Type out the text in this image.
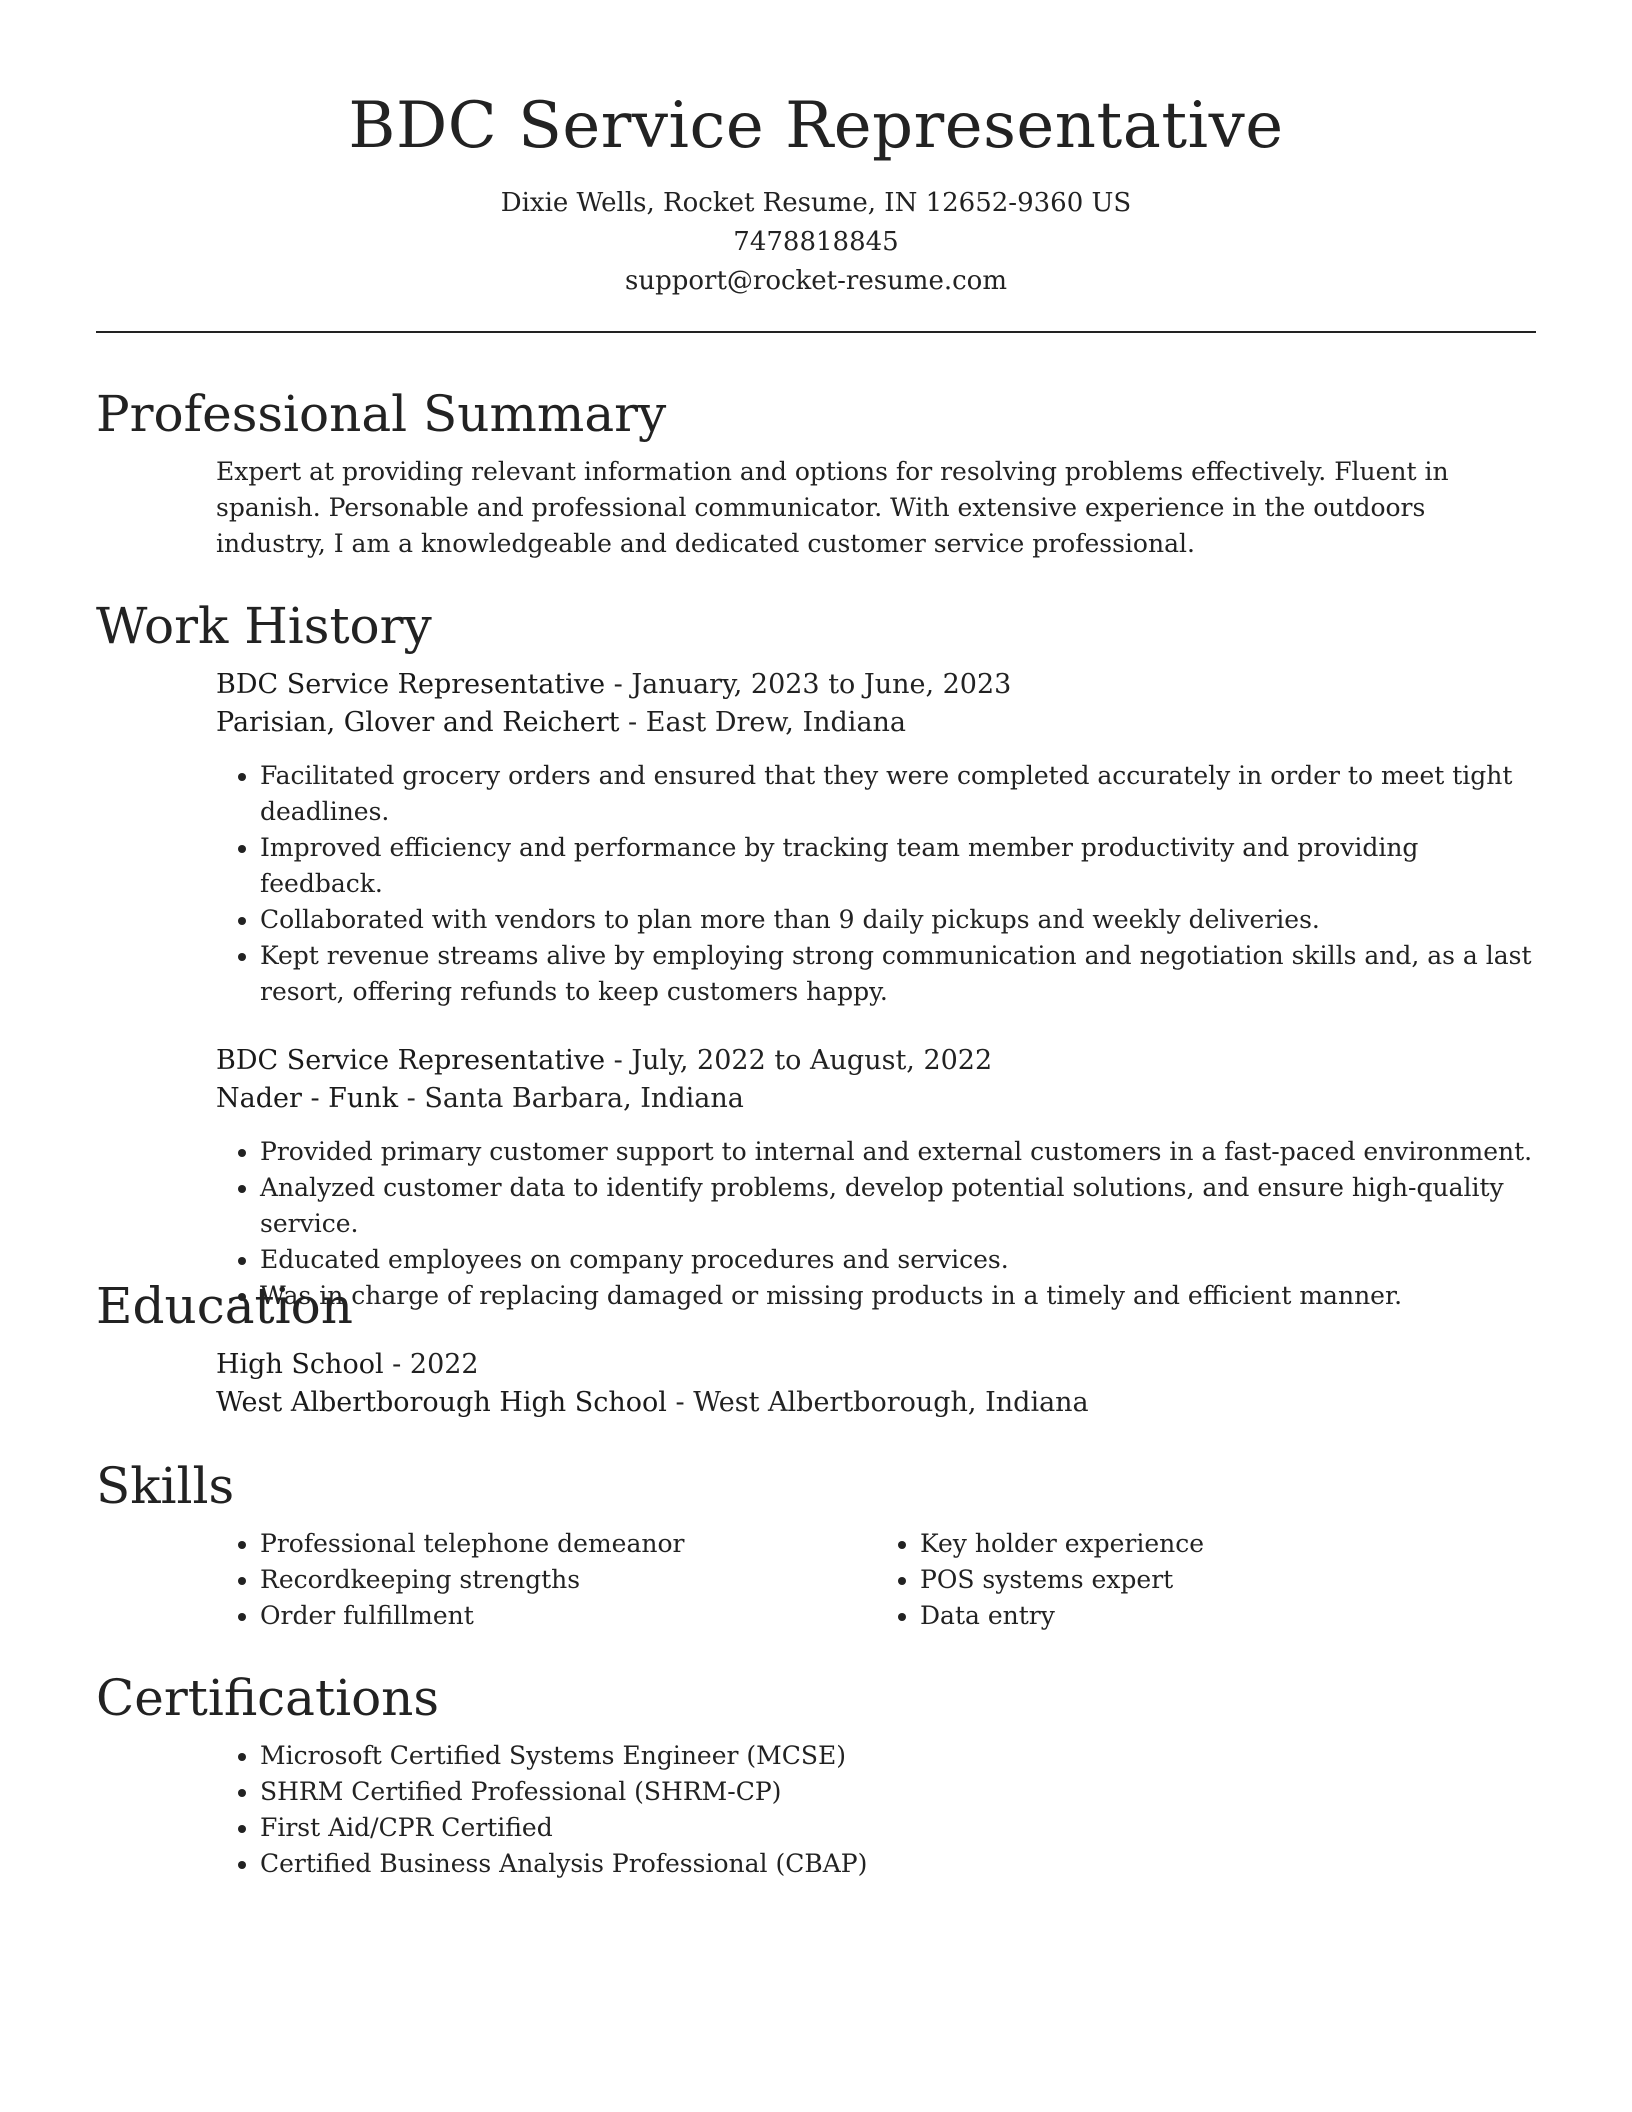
BDC Service Representative
Dixie Wells, Rocket Resume, IN 12652-9360 US
7478818845
support@rocket-resume.com
Professional Summary

Expert at providing relevant information and options for resolving problems effectively. Fluent in spanish. Personable and professional communicator. With extensive experience in the outdoors industry, I am a knowledgeable and dedicated customer service professional.

Work History
BDC Service Representative - January, 2023 to June, 2023
Parisian, Glover and Reichert - East Drew, Indiana
• Facilitated grocery orders and ensured that they were completed accurately in order to meet tight deadlines.
• Improved efficiency and performance by tracking team member productivity and providing feedback.
• Collaborated with vendors to plan more than 9 daily pickups and weekly deliveries.
• Kept revenue streams alive by employing strong communication and negotiation skills and, as a last resort, offering refunds to keep customers happy.
BDC Service Representative - July, 2022 to August, 2022
Nader - Funk - Santa Barbara, Indiana
• Provided primary customer support to internal and external customers in a fast-paced environment.
• Analyzed customer data to identify problems, develop potential solutions, and ensure high-quality service.
• Educated employees on company procedures and services.
• Was in charge of replacing damaged or missing products in a timely and efficient manner.
Education
High School - 2022
West Albertborough High School - West Albertborough, Indiana
Skills
• Professional telephone demeanor
• Recordkeeping strengths
• Order fulfillment
• Key holder experience
• POS systems expert
• Data entry
Certifications
• Microsoft Certified Systems Engineer (MCSE)
• SHRM Certified Professional (SHRM-CP)
• First Aid/CPR Certified
• Certified Business Analysis Professional (CBAP)
